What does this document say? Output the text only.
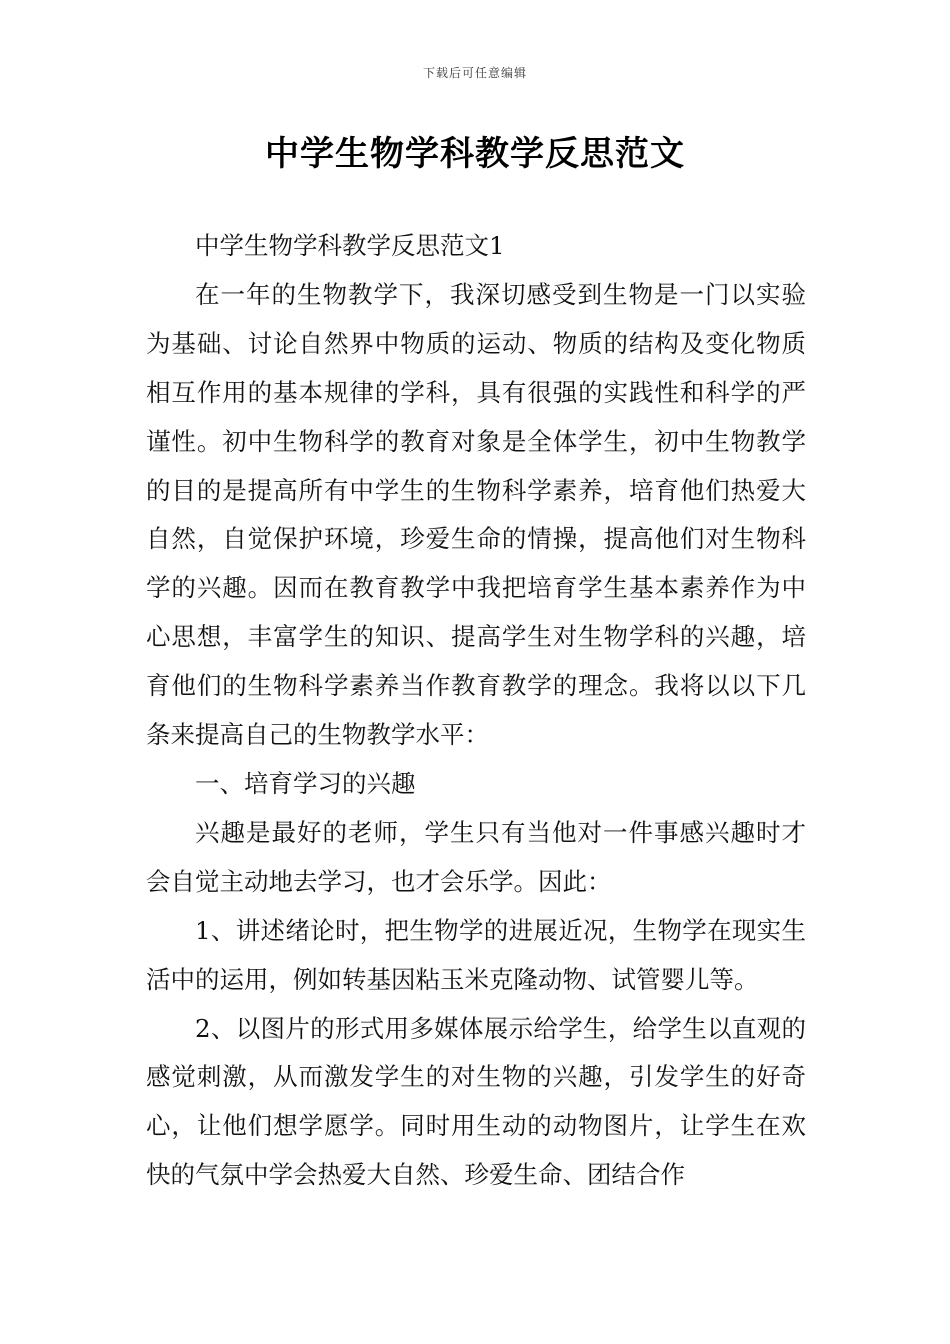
下载后可任意编辑
中学生物学科教学反思范文

中学生物学科教学反思范文1

在一年的生物教学下，我深切感受到生物是一门以实验为基础、讨论自然界中物质的运动、物质的结构及变化物质相互作用的基本规律的学科，具有很强的实践性和科学的严谨性。初中生物科学的教育对象是全体学生，初中生物教学的目的是提高所有中学生的生物科学素养，培育他们热爱大自然，自觉保护环境，珍爱生命的情操，提高他们对生物科学的兴趣。因而在教育教学中我把培育学生基本素养作为中心思想，丰富学生的知识、提高学生对生物学科的兴趣，培育他们的生物科学素养当作教育教学的理念。我将以以下几条来提高自己的生物教学水平：

一、培育学习的兴趣

兴趣是最好的老师，学生只有当他对一件事感兴趣时才会自觉主动地去学习，也才会乐学。因此：

1、讲述绪论时，把生物学的进展近况，生物学在现实生活中的运用，例如转基因粘玉米克隆动物、试管婴儿等。

2、以图片的形式用多媒体展示给学生，给学生以直观的感觉刺激，从而激发学生的对生物的兴趣，引发学生的好奇心，让他们想学愿学。同时用生动的动物图片，让学生在欢快的气氛中学会热爱大自然、珍爱生命、团结合作
